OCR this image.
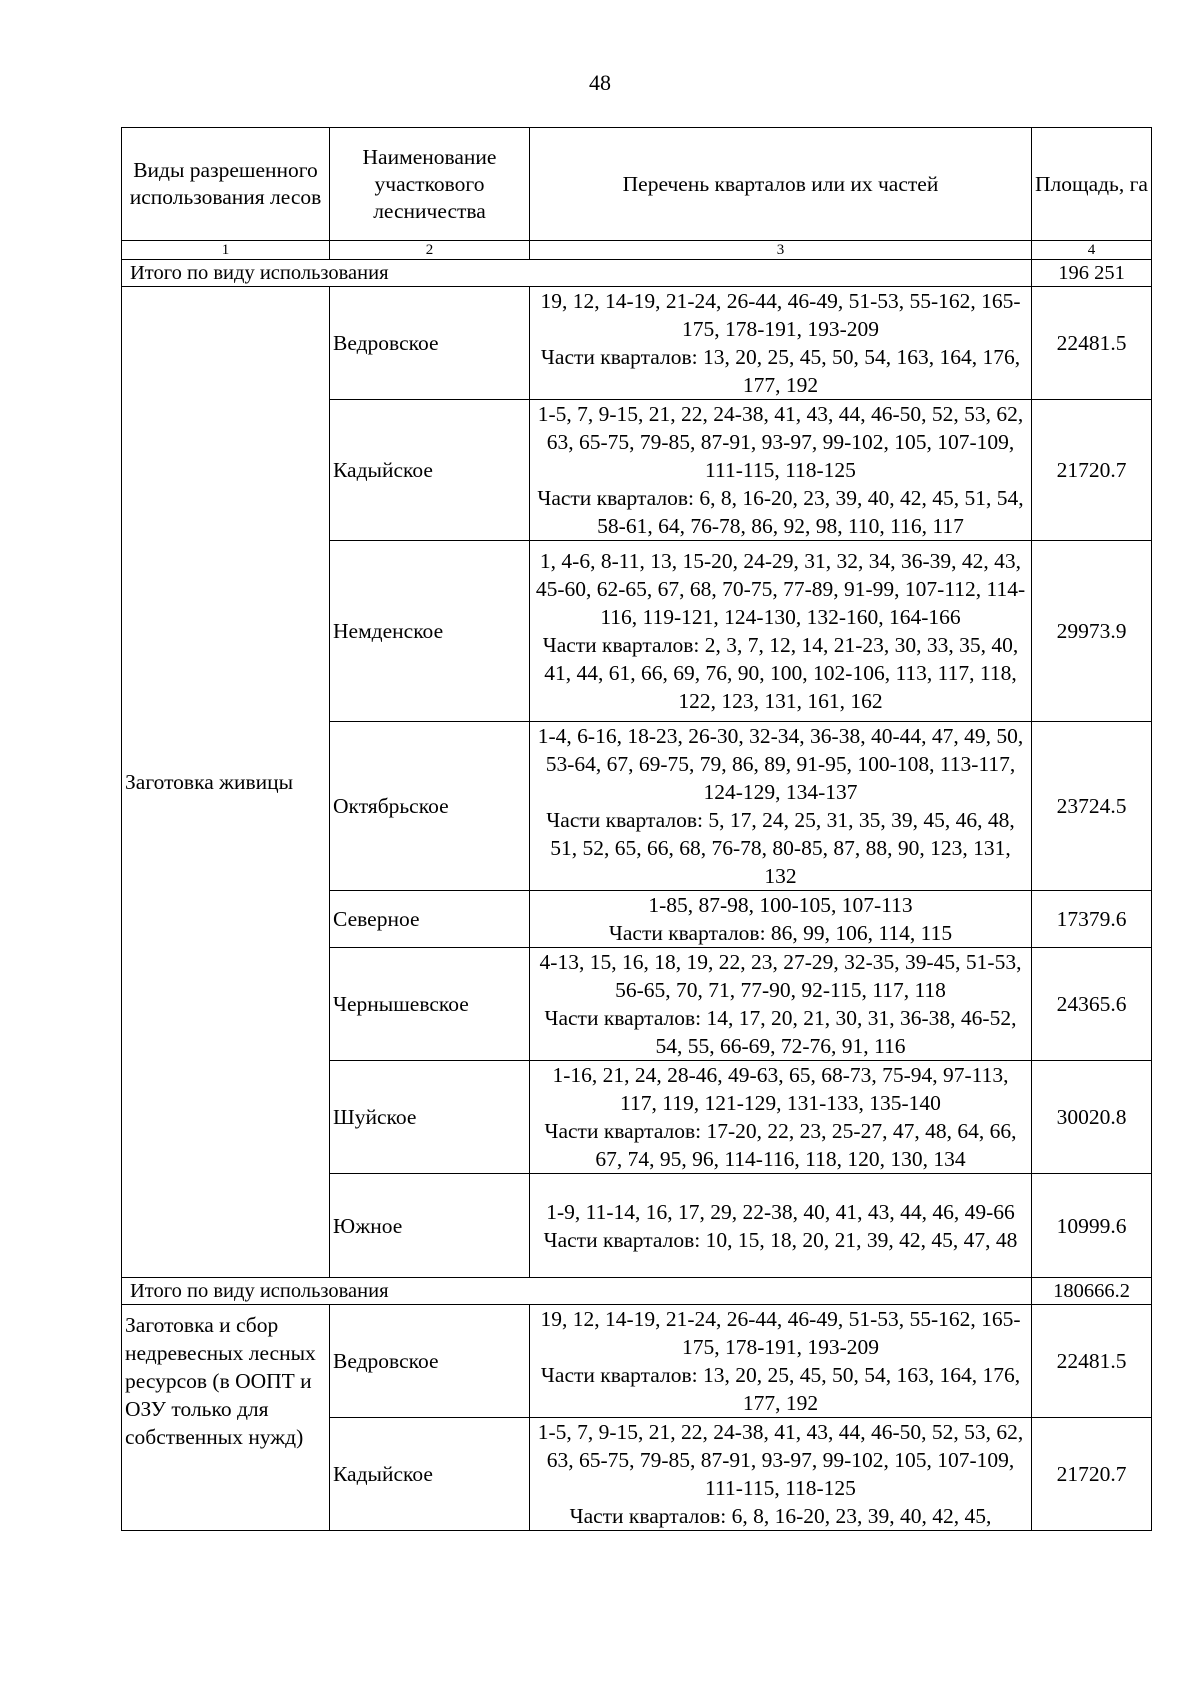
48
Виды разрешенного использования лесов	Наименование участкового лесничества	Перечень кварталов или их частей	Площадь, га
1	2	3	4
Итого по виду использования			196 251
Заготовка живицы	Ведровское	19, 12, 14-19, 21-24, 26-44, 46-49, 51-53, 55-162, 165-175, 178-191, 193-209
Части кварталов: 13, 20, 25, 45, 50, 54, 163, 164, 176, 177, 192	22481.5
	Кадыйское	1-5, 7, 9-15, 21, 22, 24-38, 41, 43, 44, 46-50, 52, 53, 62, 63, 65-75, 79-85, 87-91, 93-97, 99-102, 105, 107-109, 111-115, 118-125
Части кварталов: 6, 8, 16-20, 23, 39, 40, 42, 45, 51, 54, 58-61, 64, 76-78, 86, 92, 98, 110, 116, 117	21720.7
	Немденское	1, 4-6, 8-11, 13, 15-20, 24-29, 31, 32, 34, 36-39, 42, 43, 45-60, 62-65, 67, 68, 70-75, 77-89, 91-99, 107-112, 114-116, 119-121, 124-130, 132-160, 164-166
Части кварталов: 2, 3, 7, 12, 14, 21-23, 30, 33, 35, 40, 41, 44, 61, 66, 69, 76, 90, 100, 102-106, 113, 117, 118, 122, 123, 131, 161, 162	29973.9
	Октябрьское	1-4, 6-16, 18-23, 26-30, 32-34, 36-38, 40-44, 47, 49, 50, 53-64, 67, 69-75, 79, 86, 89, 91-95, 100-108, 113-117, 124-129, 134-137
Части кварталов: 5, 17, 24, 25, 31, 35, 39, 45, 46, 48, 51, 52, 65, 66, 68, 76-78, 80-85, 87, 88, 90, 123, 131, 132	23724.5
	Северное	1-85, 87-98, 100-105, 107-113
Части кварталов: 86, 99, 106, 114, 115	17379.6
	Чернышевское	4-13, 15, 16, 18, 19, 22, 23, 27-29, 32-35, 39-45, 51-53, 56-65, 70, 71, 77-90, 92-115, 117, 118
Части кварталов: 14, 17, 20, 21, 30, 31, 36-38, 46-52, 54, 55, 66-69, 72-76, 91, 116	24365.6
	Шуйское	1-16, 21, 24, 28-46, 49-63, 65, 68-73, 75-94, 97-113, 117, 119, 121-129, 131-133, 135-140
Части кварталов: 17-20, 22, 23, 25-27, 47, 48, 64, 66, 67, 74, 95, 96, 114-116, 118, 120, 130, 134	30020.8
	Южное	1-9, 11-14, 16, 17, 29, 22-38, 40, 41, 43, 44, 46, 49-66
Части кварталов: 10, 15, 18, 20, 21, 39, 42, 45, 47, 48	10999.6
Итого по виду использования			180666.2
Заготовка и сбор недревесных лесных ресурсов (в ООПТ и ОЗУ только для собственных нужд)	Ведровское	19, 12, 14-19, 21-24, 26-44, 46-49, 51-53, 55-162, 165-175, 178-191, 193-209
Части кварталов: 13, 20, 25, 45, 50, 54, 163, 164, 176, 177, 192	22481.5
	Кадыйское	1-5, 7, 9-15, 21, 22, 24-38, 41, 43, 44, 46-50, 52, 53, 62, 63, 65-75, 79-85, 87-91, 93-97, 99-102, 105, 107-109, 111-115, 118-125
Части кварталов: 6, 8, 16-20, 23, 39, 40, 42, 45,	21720.7
